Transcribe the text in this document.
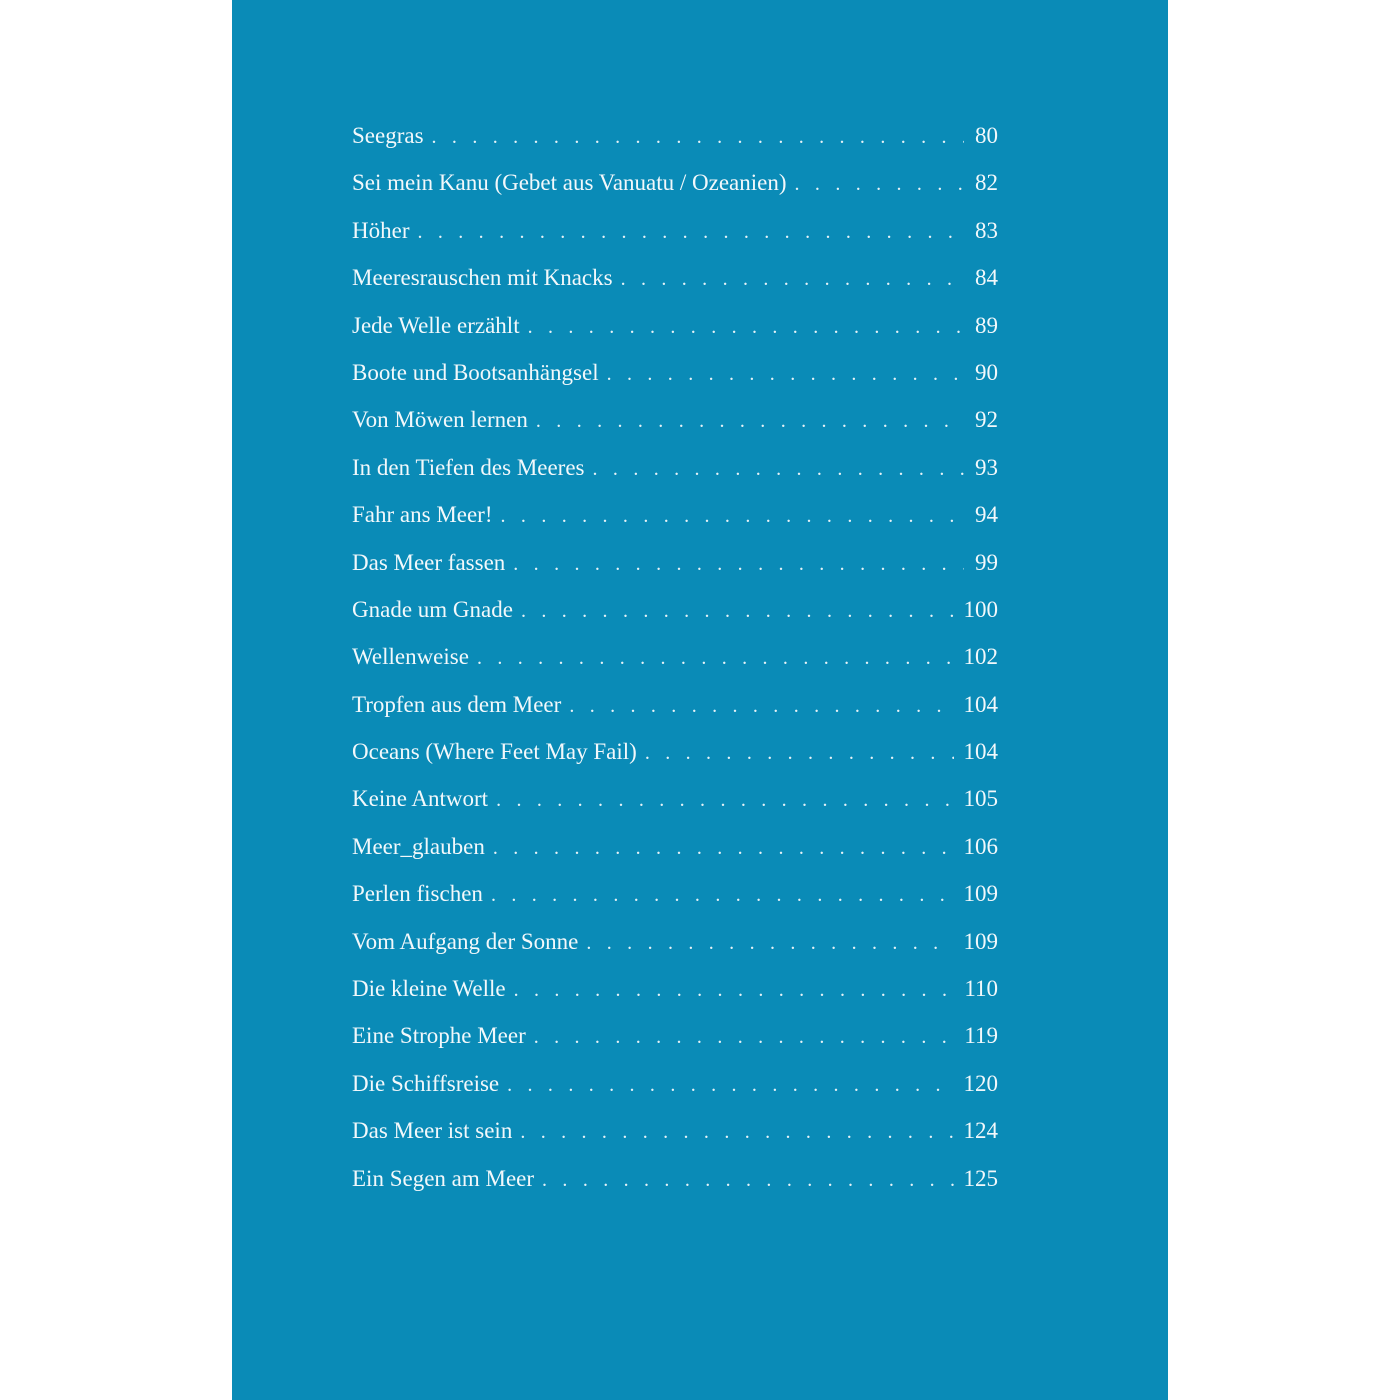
Seegras . . .	80
Sei mein Kanu (Gebet aus Vanuatu / Ozeanien) . . .	82
Höher . . .	83
Meeresrauschen mit Knacks . . .	84
Jede Welle erzählt . . .	89
Boote und Bootsanhängsel . . .	90
Von Möwen lernen . . .	92
In den Tiefen des Meeres . . .	93
Fahr ans Meer! . . .	94
Das Meer fassen . . .	99
Gnade um Gnade . . .	100
Wellenweise . . .	102
Tropfen aus dem Meer . . .	104
Oceans (Where Feet May Fail) . . .	104
Keine Antwort . . .	105
Meer_glauben . . .	106
Perlen fischen . . .	109
Vom Aufgang der Sonne . . .	109
Die kleine Welle . . .	110
Eine Strophe Meer . . .	119
Die Schiffsreise . . .	120
Das Meer ist sein . . .	124
Ein Segen am Meer . . .	125
